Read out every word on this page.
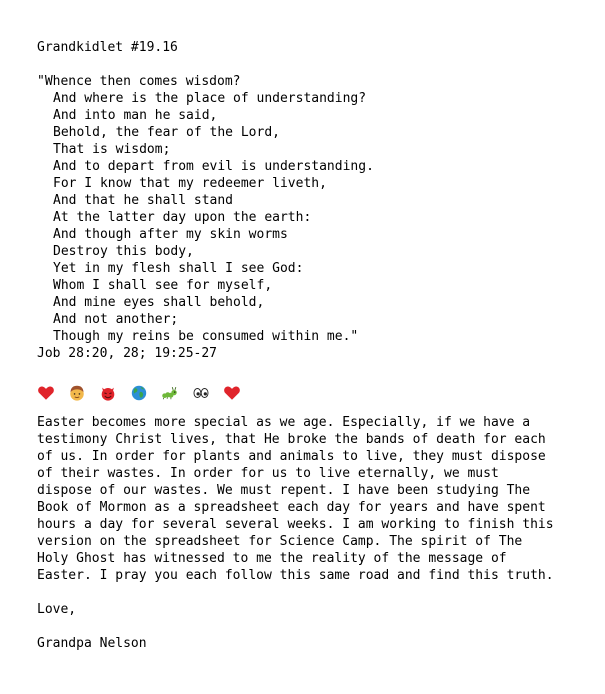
Grandkidlet #19.16
"Whence then comes wisdom?
And where is the place of understanding?
And into man he said,
Behold, the fear of the Lord,
That is wisdom;
And to depart from evil is understanding.
For I know that my redeemer liveth,
And that he shall stand
At the latter day upon the earth:
And though after my skin worms
Destroy this body,
Yet in my flesh shall I see God:
Whom I shall see for myself,
And mine eyes shall behold,
And not another;
Though my reins be consumed within me."
Job 28:20, 28; 19:25-27
Easter becomes more special as we age. Especially, if we have a
testimony Christ lives, that He broke the bands of death for each
of us. In order for plants and animals to live, they must dispose
of their wastes. In order for us to live eternally, we must
dispose of our wastes. We must repent. I have been studying The
Book of Mormon as a spreadsheet each day for years and have spent
hours a day for several several weeks. I am working to finish this
version on the spreadsheet for Science Camp. The spirit of The
Holy Ghost has witnessed to me the reality of the message of
Easter. I pray you each follow this same road and find this truth.
Love,
Grandpa Nelson
